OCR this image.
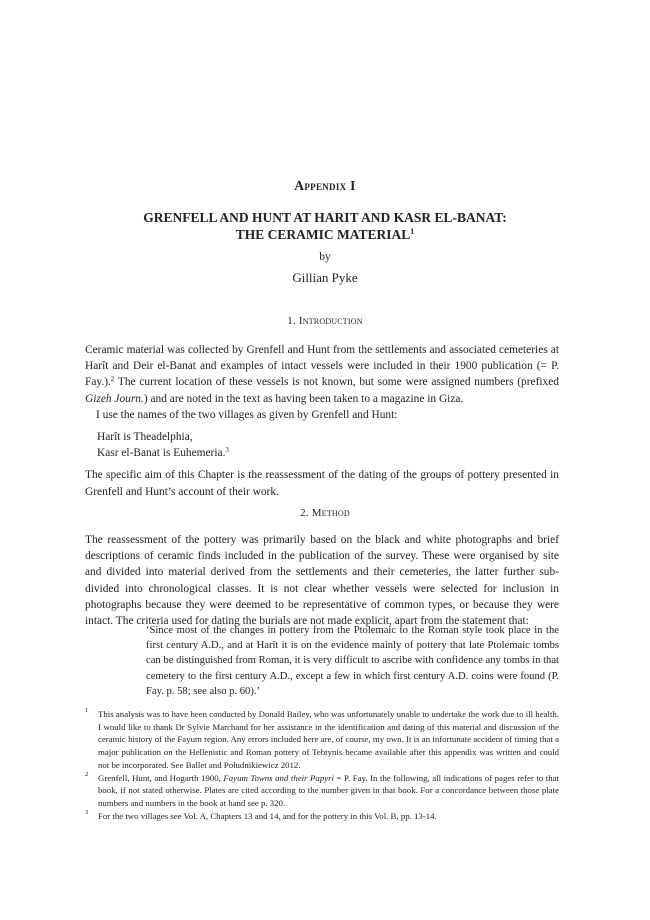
Appendix I
GRENFELL AND HUNT AT HARIT AND KASR EL-BANAT:
THE CERAMIC MATERIAL$^1$
by
Gillian Pyke
1. Introduction

Ceramic material was collected by Grenfell and Hunt from the settlements and associated cemeteries at Harît and Deir el-Banat and examples of intact vessels were included in their 1900 publication (= P. Fay.).$^2$ The current location of these vessels is not known, but some were assigned numbers (prefixed Gizeh Journ.) and are noted in the text as having been taken to a magazine in Giza.

I use the names of the two villages as given by Grenfell and Hunt:

Harît is Theadelphia,

Kasr el-Banat is Euhemeria.$^3$

The specific aim of this Chapter is the reassessment of the dating of the groups of pottery presented in Grenfell and Hunt’s account of their work.

2. Method

The reassessment of the pottery was primarily based on the black and white photographs and brief descriptions of ceramic finds included in the publication of the survey. These were organised by site and divided into material derived from the settlements and their cemeteries, the latter further sub-divided into chronological classes. It is not clear whether vessels were selected for inclusion in photographs because they were deemed to be representative of common types, or because they were intact. The criteria used for dating the burials are not made explicit, apart from the statement that:

‘Since most of the changes in pottery from the Ptolemaic to the Roman style took place in the first century A.D., and at Harît it is on the evidence mainly of pottery that late Ptolemaic tombs can be distinguished from Roman, it is very difficult to ascribe with confidence any tombs in that cemetery to the first century A.D., except a few in which first century A.D. coins were found (P. Fay. p. 58; see also p. 60).’

1 This analysis was to have been conducted by Donald Bailey, who was unfortunately unable to undertake the work due to ill health. I would like to thank Dr Sylvie Marchand for her assistance in the identification and dating of this material and discussion of the ceramic history of the Fayum region. Any errors included here are, of course, my own. It is an infortunate accident of timing that a major publication on the Hellenistic and Roman pottery of Tebtynis became available after this appendix was written and could not be incorporated. See Ballet and Południkiewicz 2012.

2 Grenfell, Hunt, and Hogarth 1900, Fayum Towns and their Papyri = P. Fay. In the following, all indications of pages refer to that book, if not stated otherwise. Plates are cited according to the number given in that book. For a concordance between those plate numbers and numbers in the book at hand see p. 320.

3 For the two villages see Vol. A, Chapters 13 and 14, and for the pottery in this Vol. B, pp. 13-14.
